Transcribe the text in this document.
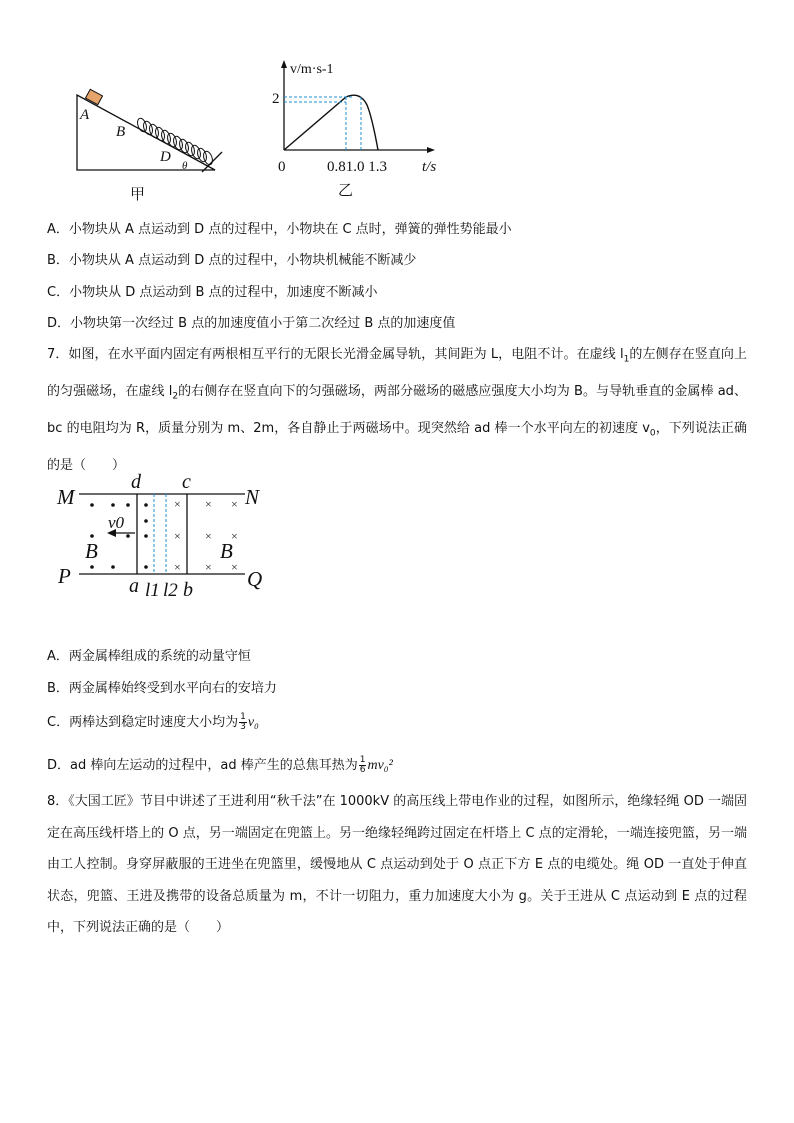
A
B
D
θ
甲
v/m·s-1
2
0	0.81.0 1.3 t/s
乙
A．小物块从 A 点运动到 D 点的过程中，小物块在 C 点时，弹簧的弹性势能最小
B．小物块从 A 点运动到 D 点的过程中，小物块机械能不断减少
C．小物块从 D 点运动到 B 点的过程中，加速度不断减小
D．小物块第一次经过 B 点的加速度值小于第二次经过 B 点的加速度值
7．如图，在水平面内固定有两根相互平行的无限长光滑金属导轨，其间距为 L，电阻不计。在虚线 $l_1$的左侧存在竖直向上的匀强磁场，在虚线 $l_2$的右侧存在竖直向下的匀强磁场，两部分磁场的磁感应强度大小均为 B。与导轨垂直的金属棒 ad、bc 的电阻均为 R，质量分别为 m、2m，各自静止于两磁场中。现突然给 ad 棒一个水平向左的初速度 $v_0$，下列说法正确的是（　　）
× × ×
× × ×
× × ×
M	N
P	Q
d c
a b
l1 l2
v0
B	B
A．两金属棒组成的系统的动量守恒
B．两金属棒始终受到水平向右的安培力
C．两棒达到稳定时速度大小均为 $\frac{1}{3} v_0$
D．ad 棒向左运动的过程中，ad 棒产生的总焦耳热为 $\frac{1}{6} mv_0^2$
8．《大国工匠》节目中讲述了王进利用“秋千法”在 1000kV 的高压线上带电作业的过程，如图所示，绝缘轻绳 OD 一端固定在高压线杆塔上的 O 点，另一端固定在兜篮上。另一绝缘轻绳跨过固定在杆塔上 C 点的定滑轮，一端连接兜篮，另一端由工人控制。身穿屏蔽服的王进坐在兜篮里，缓慢地从 C 点运动到处于 O 点正下方 E 点的电缆处。绳 OD 一直处于伸直状态，兜篮、王进及携带的设备总质量为 m，不计一切阻力，重力加速度大小为 g。关于王进从 C 点运动到 E 点的过程中，下列说法正确的是（　　）
